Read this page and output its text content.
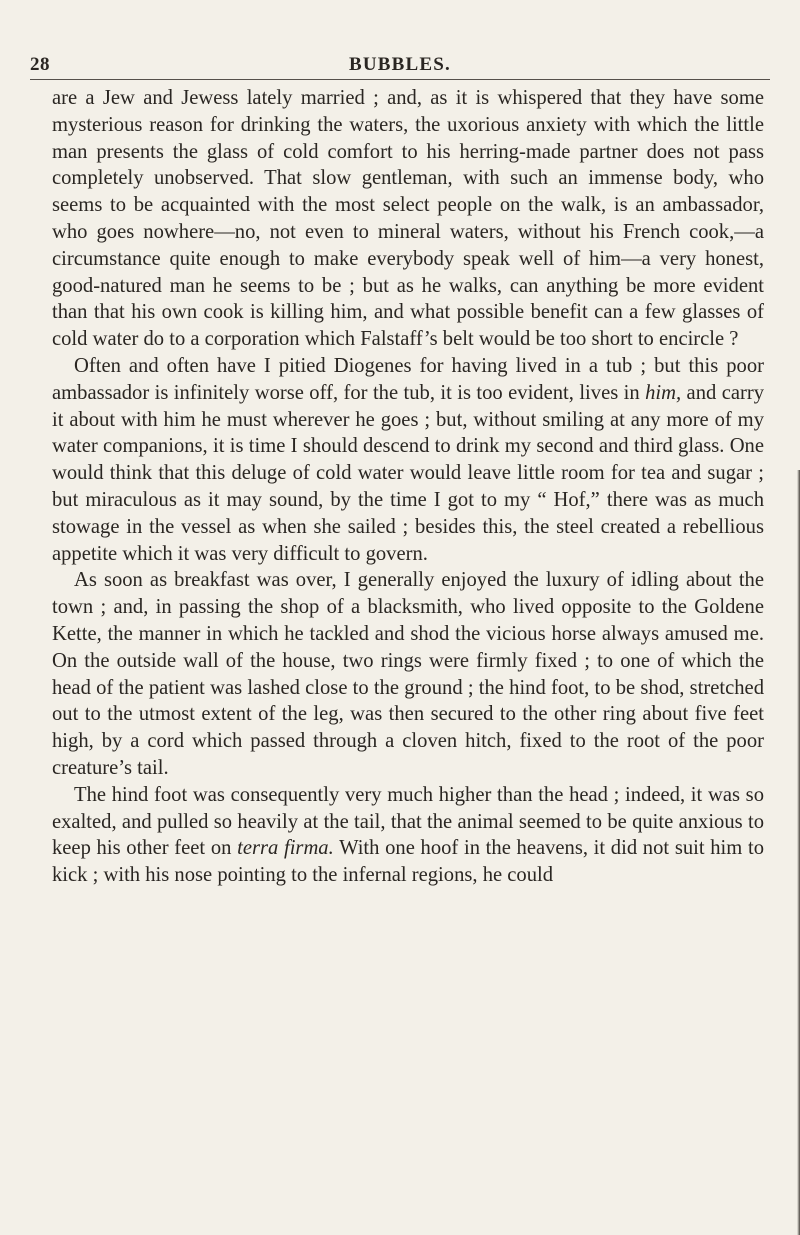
28	BUBBLES.

are a Jew and Jewess lately married ; and, as it is whispered that they have some mysterious reason for drinking the waters, the uxorious anxiety with which the little man presents the glass of cold comfort to his herring-made partner does not pass completely unobserved. That slow gentleman, with such an immense body, who seems to be acquainted with the most select people on the walk, is an ambassador, who goes nowhere—no, not even to mineral waters, without his French cook,—a circumstance quite enough to make everybody speak well of him—a very honest, good-natured man he seems to be ; but as he walks, can anything be more evident than that his own cook is killing him, and what possible benefit can a few glasses of cold water do to a corporation which Falstaff’s belt would be too short to encircle ?

Often and often have I pitied Diogenes for having lived in a tub ; but this poor ambassador is infinitely worse off, for the tub, it is too evident, lives in him, and carry it about with him he must wherever he goes ; but, without smiling at any more of my water companions, it is time I should descend to drink my second and third glass. One would think that this deluge of cold water would leave little room for tea and sugar ; but miraculous as it may sound, by the time I got to my “ Hof,” there was as much stowage in the vessel as when she sailed ; besides this, the steel created a rebellious appetite which it was very difficult to govern.

As soon as breakfast was over, I generally enjoyed the luxury of idling about the town ; and, in passing the shop of a blacksmith, who lived opposite to the Goldene Kette, the manner in which he tackled and shod the vicious horse always amused me. On the outside wall of the house, two rings were firmly fixed ; to one of which the head of the patient was lashed close to the ground ; the hind foot, to be shod, stretched out to the utmost extent of the leg, was then secured to the other ring about five feet high, by a cord which passed through a cloven hitch, fixed to the root of the poor creature’s tail.

The hind foot was consequently very much higher than the head ; indeed, it was so exalted, and pulled so heavily at the tail, that the animal seemed to be quite anxious to keep his other feet on terra firma. With one hoof in the heavens, it did not suit him to kick ; with his nose pointing to the infernal regions, he could
